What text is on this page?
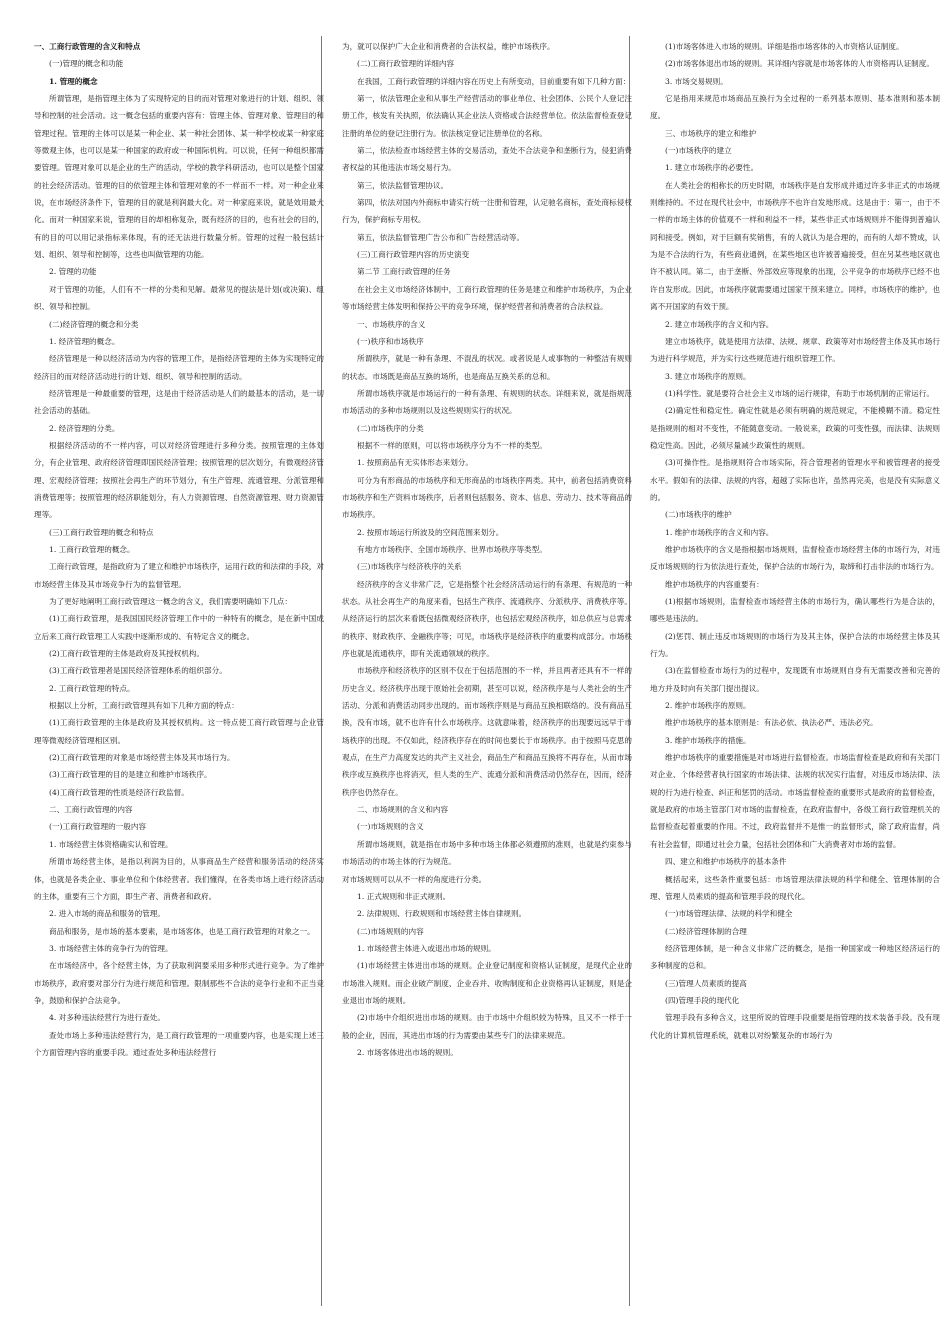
一、工商行政管理的含义和特点

(一)管理的概念和功能

1. 管理的概念

所谓管理，是指管理主体为了实现特定的目的而对管理对象进行的计划、组织、领导和控制的社会活动。这一概念包括的重要内容有：管理主体、管理对象、管理目的和管理过程。管理的主体可以是某一种企业、某一种社会团体、某一种学校或某一种家庭等微观主体，也可以是某一种国家的政府或一种国际机构。可以说，任何一种组织都需要管理。管理对象可以是企业的生产的活动，学校的教学科研活动，也可以是整个国家的社会经济活动。管理的目的依管理主体和管理对象的不一样而不一样。对一种企业来说，在市场经济条件下，管理的目的就是利润最大化。对一种家庭来说，就是效用最大化。而对一种国家来说，管理的目的却相称复杂，既有经济的目的，也有社会的目的，有的目的可以用记录指标来体现，有的还无法进行数量分析。管理的过程一般包括计划、组织、领导和控制等，这些也叫做管理的功能。

2. 管理的功能

对于管理的功能，人们有不一样的分类和见解。最常见的提法是计划(或决策)、组织、领导和控制。

(二)经济管理的概念和分类

1. 经济管理的概念。

经济管理是一种以经济活动为内容的管理工作，是指经济管理的主体为实现特定的经济目的而对经济活动进行的计划、组织、领导和控制的活动。

经济管理是一种最重要的管理，这是由于经济活动是人们的最基本的活动，是一切社会活动的基础。

2. 经济管理的分类。

根据经济活动的不一样内容，可以对经济管理进行多种分类。按照管理的主体划分，有企业管理、政府经济管理即国民经济管理；按照管理的层次划分，有微观经济管理、宏观经济管理；按照社会再生产的环节划分，有生产管理、流通管理、分派管理和消费管理等；按照管理的经济职能划分，有人力资源管理、自然资源管理、财力资源管理等。

(三)工商行政管理的概念和特点

1. 工商行政管理的概念。

工商行政管理，是指政府为了建立和维护市场秩序，运用行政的和法律的手段，对市场经营主体及其市场竞争行为的监督管理。

为了更好地阐明工商行政管理这一概念的含义，我们需要明确如下几点：

(1)工商行政管理，是我国国民经济管理工作中的一种特有的概念，是在新中国成立后来工商行政管理工人实践中逐渐形成的、有特定含义的概念。

(2)工商行政管理的主体是政府及其授权机构。

(3)工商行政管理者是国民经济管理体系的组织部分。

2. 工商行政管理的特点。

根据以上分析，工商行政管理具有如下几种方面的特点：

(1)工商行政管理的主体是政府及其授权机构。这一特点使工商行政管理与企业管理等微观经济管理相区别。

(2)工商行政管理的对象是市场经营主体及其市场行为。

(3)工商行政管理的目的是建立和维护市场秩序。

(4)工商行政管理的性质是经济行政监督。

二、工商行政管理的内容

(一)工商行政管理的一般内容

1. 市场经营主体资格确实认和管理。

所谓市场经营主体，是指以利润为目的，从事商品生产经营和服务活动的经济实体，也就是各类企业、事业单位和个体经营者。我们懂得，在各类市场上进行经济活动的主体，重要有三个方面，即生产者、消费者和政府。

2. 进入市场的商品和服务的管理。

商品和服务，是市场的基本要素，是市场客体，也是工商行政管理的对象之一。

3. 市场经营主体的竞争行为的管理。

在市场经济中，各个经营主体，为了获取利润要采用多种形式进行竞争。为了维护市场秩序，政府要对部分行为进行规范和管理。限制那些不合法的竞争行业和不正当竞争，鼓励和保护合法竞争。

4. 对多种违法经营行为进行查处。

查处市场上多种违法经营行为，是工商行政管理的一项重要内容，也是实现上述三个方面管理内容的重要手段。通过查处多种违法经营行

为，就可以保护广大企业和消费者的合法权益，维护市场秩序。

(二)工商行政管理的详细内容

在我国，工商行政管理的详细内容在历史上有所变动，目前重要有如下几种方面：

第一，依法管理企业和从事生产经营活动的事业单位、社会团体、公民个人登记注册工作，核发有关执照，依法确认其企业法人资格或合法经营单位。依法监督检查登记注册的单位的登记注册行为。依法核定登记注册单位的名称。

第二，依法检查市场经营主体的交易活动，查处不合法竞争和垄断行为，侵犯消费者权益的其他违法市场交易行为。

第三，依法监督管理协议。

第四，依法对国内外商标申请实行统一注册和管理，认定驰名商标，查处商标侵权行为，保护商标专用权。

第五，依法监督管理广告公布和广告经营活动等。

(三)工商行政管理内容的历史演变

第二节 工商行政管理的任务

在社会主义市场经济体制中，工商行政管理的任务是建立和维护市场秩序，为企业等市场经营主体发明和保持公平的竞争环境，保护经营者和消费者的合法权益。

一、市场秩序的含义

(一)秩序和市场秩序

所谓秩序，就是一种有条理、不混乱的状况。或者说是人或事物的一种整洁有规则的状态。市场既是商品互换的场所，也是商品互换关系的总和。

所谓市场秩序就是市场运行的一种有条理、有规则的状态。详细来说，就是指规范市场活动的多种市场规则以及这些规则实行的状况。

(二)市场秩序的分类

根据不一样的原则，可以将市场秩序分为不一样的类型。

1. 按照商品有无实体形态来划分。

可分为有形商品的市场秩序和无形商品的市场秩序两类。其中，前者包括消费资料市场秩序和生产资料市场秩序，后者则包括服务、资本、信息、劳动力、技术等商品的市场秩序。

2. 按照市场运行所波及的空间范围来划分。

有地方市场秩序、全国市场秩序、世界市场秩序等类型。

(三)市场秩序与经济秩序的关系

经济秩序的含义非常广泛，它是指整个社会经济活动运行的有条理、有规范的一种状态。从社会再生产的角度来看，包括生产秩序、流通秩序、分派秩序、消费秩序等。从经济运行的层次来看既包括微观经济秩序，也包括宏观经济秩序，如总供应与总需求的秩序、财政秩序、金融秩序等；可见，市场秩序是经济秩序的重要构成部分。市场秩序也就是流通秩序，即有关流通领域的秩序。

市场秩序和经济秩序的区别不仅在于包括范围的不一样，并且两者还具有不一样的历史含义。经济秩序出现于原始社会初期，甚至可以说，经济秩序是与人类社会的生产活动、分派和消费活动同步出现的。而市场秩序则是与商品互换相联络的。没有商品互换，没有市场，就不也许有什么市场秩序。这就意味着，经济秩序的出现要远远早于市场秩序的出现。不仅如此，经济秩序存在的时间也要长于市场秩序。由于按照马克思的观点，在生产力高度发达的共产主义社会，商品生产和商品互换将不再存在，从而市场秩序或互换秩序也将消灭，但人类的生产、流通分派和消费活动仍然存在，因而，经济秩序也仍然存在。

二、市场规则的含义和内容

(一)市场规则的含义

所谓市场规则，就是指在市场中多种市场主体都必须遵照的准则，也就是约束参与市场活动的市场主体的行为规范。

对市场规则可以从不一样的角度进行分类。

1. 正式规则和非正式规则。

2. 法律规则、行政规则和市场经营主体自律规则。

(二)市场规则的内容

1. 市场经营主体进入或退出市场的规则。

(1)市场经营主体进出市场的规则。企业登记制度和资格认证制度，是现代企业的市场准入规则。而企业破产制度、企业吞并、收购制度和企业资格再认证制度，则是企业退出市场的规则。

(2)市场中介组织进出市场的规则。由于市场中介组织较为特殊，且又不一样于一般的企业，因而，其进出市场的行为需要由某些专门的法律来规范。

2. 市场客体进出市场的规则。

(1)市场客体进入市场的规则。详细是指市场客体的入市资格认证制度。

(2)市场客体退出市场的规则。其详细内容就是市场客体的人市资格再认证制度。

3. 市场交易规则。

它是指用来规范市场商品互换行为全过程的一系列基本原则、基本准则和基本制度。

三、市场秩序的建立和维护

(一)市场秩序的建立

1. 建立市场秩序的必要性。

在人类社会的相称长的历史时期，市场秩序是自发形成并通过许多非正式的市场规则维持的。不过在现代社会中，市场秩序不也许自发地形成。这是由于：第一，由于不一样的市场主体的价值观不一样和利益不一样，某些非正式市场规则并不能得到普遍认同和接受。例如，对于巨额有奖销售，有的人就认为是合理的，而有的人却不赞成，认为是不合法的行为，有些商业通例，在某些地区也许被普遍接受，但在另某些地区就也许不被认同。第二，由于垄断、外部效应等现象的出现，公平竞争的市场秩序已经不也许自发形成。因此，市场秩序就需要通过国家干预来建立。同样，市场秩序的维护，也离不开国家的有效干预。

2. 建立市场秩序的含义和内容。

建立市场秩序，就是使用方法律、法规、规章、政策等对市场经营主体及其市场行为进行科学规范，并为实行这些规范进行组织管理工作。

3. 建立市场秩序的原则。

(1)科学性。就是要符合社会主义市场的运行规律，有助于市场机制的正常运行。

(2)确定性和稳定性。确定性就是必须有明确的规范规定，不能模糊不清。稳定性是指规则的相对不变性，不能随意变动。一般说来，政策的可变性强，而法律、法规则稳定性高。因此，必须尽量减少政策性的规则。

(3)可操作性。是指规则符合市场实际，符合管理者的管理水平和被管理者的接受水平。假如有的法律、法规的内容，超越了实际也许，虽然再完美，也是没有实际意义的。

(二)市场秩序的维护

1. 维护市场秩序的含义和内容。

维护市场秩序的含义是指根据市场规则，监督检查市场经营主体的市场行为，对违反市场规则的行为依法进行查处，保护合法的市场行为，取缔和打击非法的市场行为。

维护市场秩序的内容重要有：

(1)根据市场规则，监督检查市场经营主体的市场行为，确认哪些行为是合法的，哪些是违法的。

(2)惩罚、制止违反市场规则的市场行为及其主体，保护合法的市场经营主体及其行为。

(3)在监督检查市场行为的过程中，发现既有市场规则自身有无需要改善和完善的地方并及时向有关部门提出提议。

2. 维护市场秩序的原则。

维护市场秩序的基本原则是：有法必依、执法必严、违法必究。

3. 维护市场秩序的措施。

维护市场秩序的重要措施是对市场进行监督检查。市场监督检查是政府和有关部门对企业、个体经营者执行国家的市场法律、法规的状况实行监督，对违反市场法律、法规的行为进行检查、纠正和惩罚的活动。市场监督检查的重要形式是政府的监督检查，就是政府的市场主管部门对市场的监督检查，在政府监督中，各级工商行政管理机关的监督检查起着重要的作用。不过，政府监督并不是惟一的监督形式，除了政府监督，尚有社会监督，即通过社会力量，包括社会团体和广大消费者对市场的监督。

四、建立和维护市场秩序的基本条件

概括起来，这些条件重要包括：市场管理法律法规的科学和健全、管理体制的合理、管理人员素质的提高和管理手段的现代化。

(一)市场管理法律、法规的科学和健全

(二)经济管理体制的合理

经济管理体制，是一种含义非常广泛的概念，是指一种国家或一种地区经济运行的多种制度的总和。

(三)管理人员素质的提高

(四)管理手段的现代化

管理手段有多种含义，这里所说的管理手段重要是指管理的技术装备手段。没有现代化的计算机管理系统，就难以对纷繁复杂的市场行为
